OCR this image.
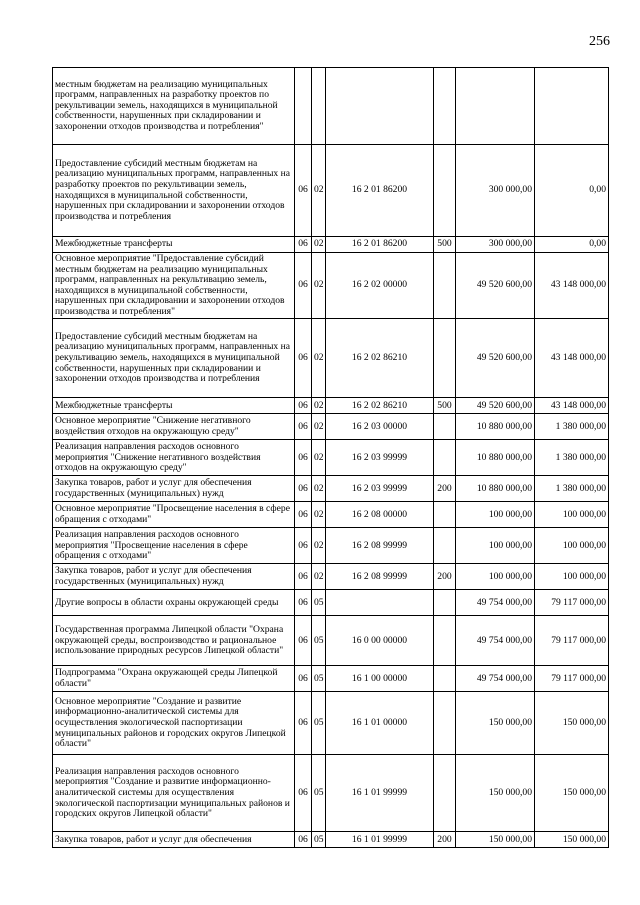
256
местным бюджетам на реализацию муниципальных программ, направленных на разработку проектов по рекультивации земель, находящихся в муниципальной собственности, нарушенных при складировании и захоронении отходов производства и потребления"						
Предоставление субсидий местным бюджетам на реализацию муниципальных программ, направленных на разработку проектов по рекультивации земель, находящихся в муниципальной собственности, нарушенных при складировании и захоронении отходов производства и потребления	06	02	16 2 01 86200		300 000,00	0,00
Межбюджетные трансферты	06	02	16 2 01 86200	500	300 000,00	0,00
Основное мероприятие "Предоставление субсидий местным бюджетам на реализацию муниципальных программ, направленных на рекультивацию земель, находящихся в муниципальной собственности, нарушенных при складировании и захоронении отходов производства и потребления"	06	02	16 2 02 00000		49 520 600,00	43 148 000,00
Предоставление субсидий местным бюджетам на реализацию муниципальных программ, направленных на рекультивацию земель, находящихся в муниципальной собственности, нарушенных при складировании и захоронении отходов производства и потребления	06	02	16 2 02 86210		49 520 600,00	43 148 000,00
Межбюджетные трансферты	06	02	16 2 02 86210	500	49 520 600,00	43 148 000,00
Основное мероприятие "Снижение негативного воздействия отходов на окружающую среду"	06	02	16 2 03 00000		10 880 000,00	1 380 000,00
Реализация направления расходов основного мероприятия "Снижение негативного воздействия отходов на окружающую среду"	06	02	16 2 03 99999		10 880 000,00	1 380 000,00
Закупка товаров, работ и услуг для обеспечения государственных (муниципальных) нужд	06	02	16 2 03 99999	200	10 880 000,00	1 380 000,00
Основное мероприятие "Просвещение населения в сфере обращения с отходами"	06	02	16 2 08 00000		100 000,00	100 000,00
Реализация направления расходов основного мероприятия "Просвещение населения в сфере обращения с отходами"	06	02	16 2 08 99999		100 000,00	100 000,00
Закупка товаров, работ и услуг для обеспечения государственных (муниципальных) нужд	06	02	16 2 08 99999	200	100 000,00	100 000,00
Другие вопросы в области охраны окружающей среды	06	05			49 754 000,00	79 117 000,00
Государственная программа Липецкой области "Охрана окружающей среды, воспроизводство и рациональное использование природных ресурсов Липецкой области"	06	05	16 0 00 00000		49 754 000,00	79 117 000,00
Подпрограмма "Охрана окружающей среды Липецкой области"	06	05	16 1 00 00000		49 754 000,00	79 117 000,00
Основное мероприятие "Создание и развитие информационно-аналитической системы для осуществления экологической паспортизации муниципальных районов и городских округов Липецкой области"	06	05	16 1 01 00000		150 000,00	150 000,00
Реализация направления расходов основного мероприятия "Создание и развитие информационно-аналитической системы для осуществления экологической паспортизации муниципальных районов и городских округов Липецкой области"	06	05	16 1 01 99999		150 000,00	150 000,00
Закупка товаров, работ и услуг для обеспечения	06	05	16 1 01 99999	200	150 000,00	150 000,00
